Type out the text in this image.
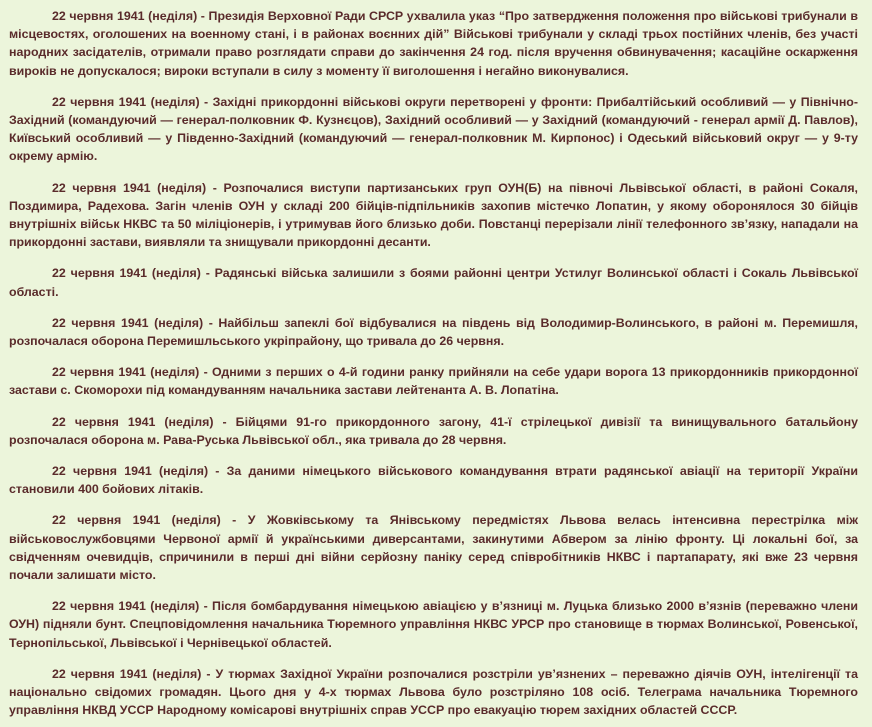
22 червня 1941 (неділя) - Президія Верховної Ради СРСР ухвалила указ “Про затвердження положення про військові трибунали в місцевостях, оголошених на военному стані, і в районах воєнних дій” Військові трибунали у складі трьох постійних членів, без участі народних засідателів, отримали право розглядати справи до закінчення 24 год. після вручення обвинувачення; касаційне оскарження вироків не допускалося; вироки вступали в силу з моменту її виголошення і негайно виконувалися.

22 червня 1941 (неділя) - Західні прикордонні військові округи перетворені у фронти: Прибалтійський особливий — у Північно-Західний (командуючий — генерал-полковник Ф. Кузнєцов), Західний особливий — у Західний (командуючий - генерал армії Д. Павлов), Київський особливий — у Південно-Західний (командуючий — генерал-полковник М. Кирпонос) і Одеський військовий округ — у 9-ту окрему армію.

22 червня 1941 (неділя) - Розпочалися виступи партизанських груп ОУН(Б) на півночі Львівської області, в районі Сокаля, Поздимира, Радехова. Загін членів ОУН у складі 200 бійців-підпільників захопив містечко Лопатин, у якому оборонялося 30 бійців внутрішніх військ НКВС та 50 міліціонерів, і утримував його близько доби. Повстанці перерізали лінії телефонного зв’язку, нападали на прикордонні застави, виявляли та знищували прикордонні десанти.

22 червня 1941 (неділя) - Радянські війська залишили з боями районні центри Устилуг Волинської області і Сокаль Львівської області.

22 червня 1941 (неділя) - Найбільш запеклі бої відбувалися на південь від Володимир-Волинського, в районі м. Перемишля, розпочалася оборона Перемишльського укріпрайону, що тривала до 26 червня.

22 червня 1941 (неділя) - Одними з перших о 4-й години ранку прийняли на себе удари ворога 13 прикордонників прикордонної застави с. Скоморохи під командуванням начальника застави лейтенанта А. В. Лопатіна.

22 червня 1941 (неділя) - Бійцями 91-го прикордонного загону, 41-ї стрілецької дивізії та винищувального батальйону розпочалася оборона м. Рава-Руська Львівської обл., яка тривала до 28 червня.

22 червня 1941 (неділя) - За даними німецького військового командування втрати радянської авіації на території України становили 400 бойових літаків.

22 червня 1941 (неділя) - У Жовківському та Янівському передмістях Львова велась інтенсивна перестрілка між військовослужбовцями Червоної армії й українськими диверсантами, закинутими Абвером за лінію фронту. Ці локальні бої, за свідченням очевидців, спричинили в перші дні війни серйозну паніку серед співробітників НКВС і партапарату, які вже 23 червня почали залишати місто.

22 червня 1941 (неділя) - Після бомбардування німецькою авіацією у в’язниці м. Луцька близько 2000 в’язнів (переважно члени ОУН) підняли бунт. Спецповідомлення начальника Тюремного управління НКВС УРСР про становище в тюрмах Волинської, Ровенської, Тернопільської, Львівської і Чернівецької областей.

22 червня 1941 (неділя) - У тюрмах Західної України розпочалися розстріли ув’язнених – переважно діячів ОУН, інтелігенції та національно свідомих громадян. Цього дня у 4-х тюрмах Львова було розстріляно 108 осіб. Телеграма начальника Тюремного управління НКВД УССР Народному комісарові внутрішніх справ УССР про евакуацію тюрем західних областей СССР.
